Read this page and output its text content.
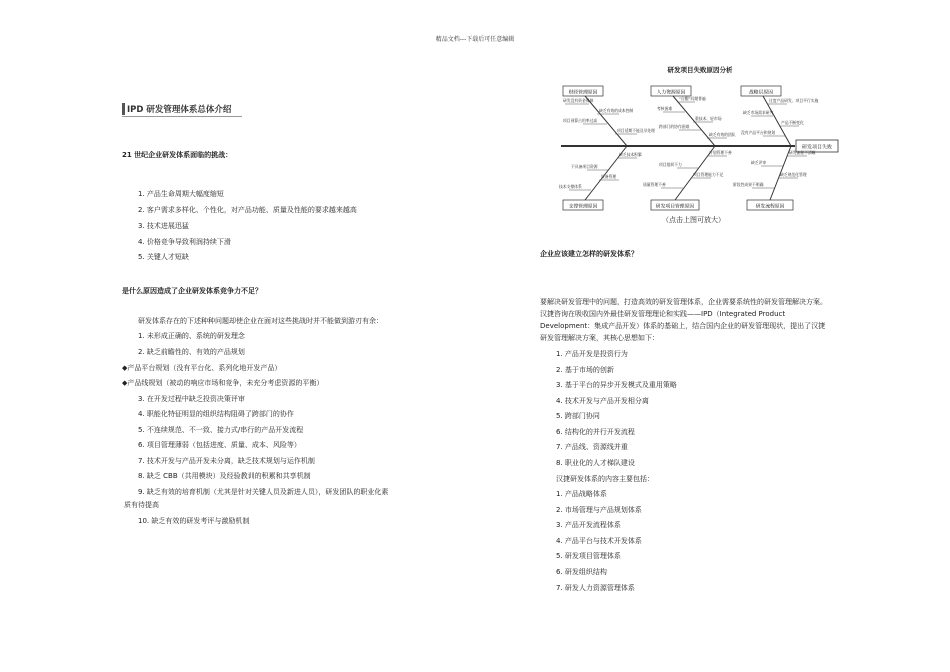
精品文档---下载后可任意编辑
IPD 研发管理体系总体介绍
21 世纪企业研发体系面临的挑战：
1. 产品生命周期大幅度缩短
2. 客户需求多样化、个性化，对产品功能、质量及性能的要求越来越高
3. 技术进展迅猛
4. 价格竞争导致利润持续下滑
5. 关键人才短缺
是什么原因造成了企业研发体系竞争力不足？
研发体系存在的下述种种问题却使企业在面对这些挑战时并不能做到游刃有余：
1. 未形成正确的、系统的研发理念
2. 缺乏前瞻性的、有效的产品规划
◆产品平台规划（没有平台化、系列化地开发产品）
◆产品线规划（被动的响应市场和竞争，未充分考虑资源的平衡）
3. 在开发过程中缺乏投资决策评审
4. 职能化特征明显的组织结构阻碍了跨部门的协作
5. 不连续规范、不一致、接力式/串行的产品开发流程
6. 项目管理薄弱（包括进度、质量、成本、风险等）
7. 技术开发与产品开发未分离，缺乏技术规划与运作机制
8. 缺乏 CBB（共用模块）及经验教训的积累和共享机制
9. 缺乏有效的培育机制（尤其是针对关键人员及新进人员），研发团队的职业化素
质有待提高
10. 缺乏有效的研发考评与激励机制
研发项目失败原因分析
研发项目失败
财经管理原因	人力资源原因	战略层原因
支撑管理原因	研发项目管理原因	研发流程原因
研发没有资金保障
缺乏有效的成本控制
项目预算占用率过高
项目延期不能及早处理
“自醒”问题普遍
考核困难
重技术、轻市场
跨部门的协作困难
缺乏有效的团队
过度产品研发、项目平行实施
缺乏市场需求研究
产品不断变化
没有产品平台和规划
缺乏技术积累
不具备项目资源
设备管理
技术支撑体系
计划管理不善
项目组织不力
项目管理能力不足
质量管理不善
研发流程不清晰
缺乏评审
缺乏规范化管理
阶段性成果不明确
（点击上图可放大）
企业应该建立怎样的研发体系？
要解决研发管理中的问题，打造高效的研发管理体系，企业需要系统性的研发管理解决方案。汉捷咨询在吸收国内外最佳研发管理理论和实践——IPD（Integrated Product Development：集成产品开发）体系的基础上，结合国内企业的研发管理现状，提出了汉捷研发管理解决方案，其核心思想如下：
1. 产品开发是投资行为
2. 基于市场的创新
3. 基于平台的异步开发模式及重用策略
4. 技术开发与产品开发相分离
5. 跨部门协同
6. 结构化的并行开发流程
7. 产品线、资源线并重
8. 职业化的人才梯队建设
汉捷研发体系的内容主要包括：
1. 产品战略体系
2. 市场管理与产品规划体系
3. 产品开发流程体系
4. 产品平台与技术开发体系
5. 研发项目管理体系
6. 研发组织结构
7. 研发人力资源管理体系
